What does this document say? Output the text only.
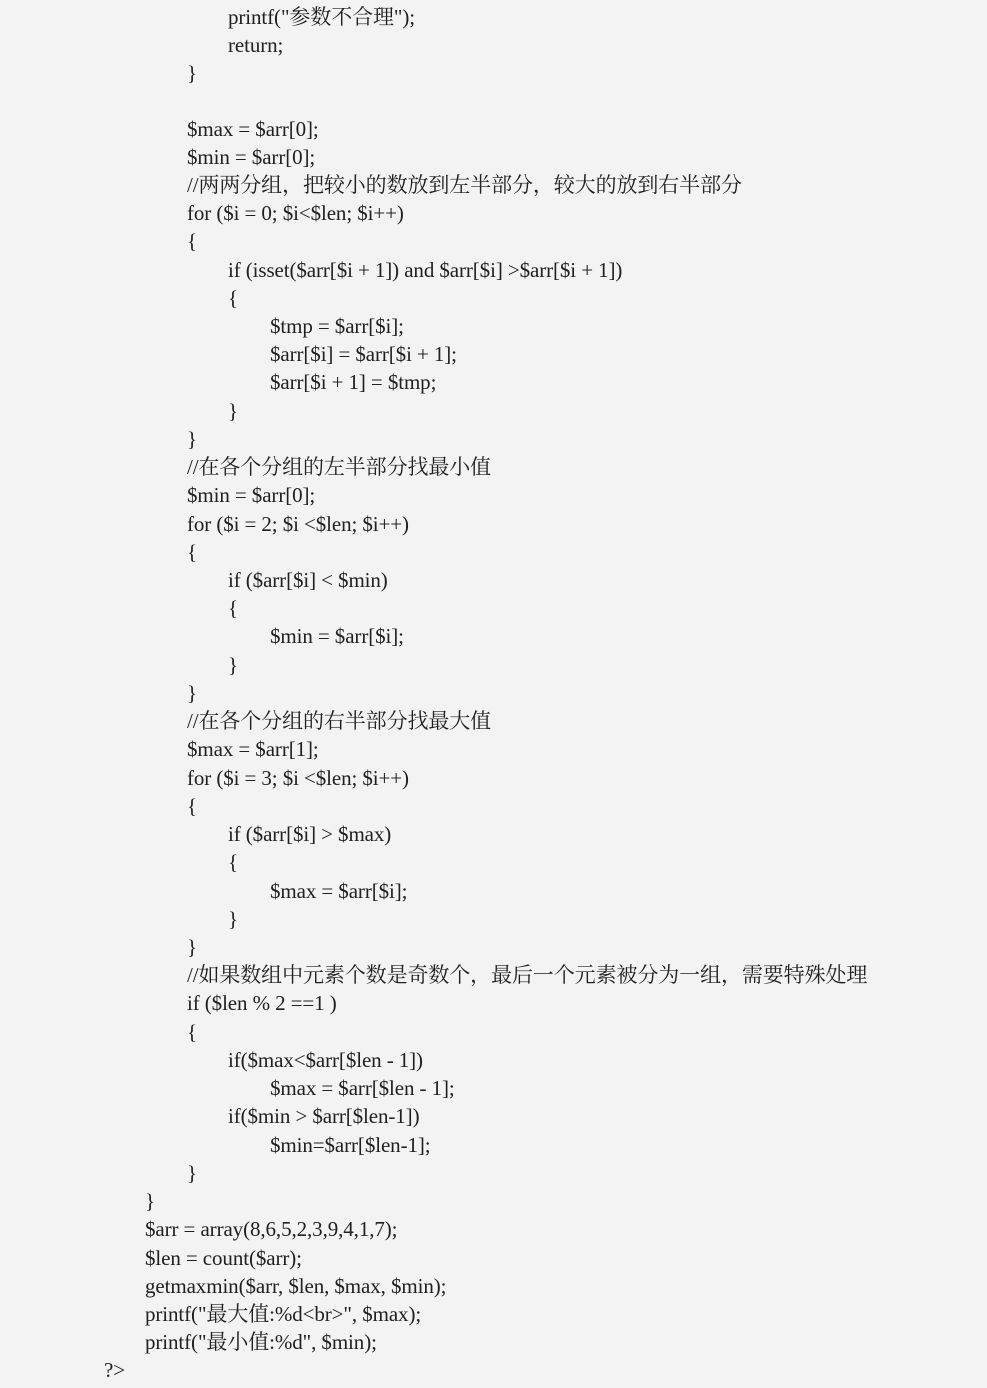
printf("参数不合理");
return;
}
$max = $arr[0];
$min = $arr[0];
//两两分组，把较小的数放到左半部分，较大的放到右半部分
for ($i = 0; $i<$len; $i++)
{
if (isset($arr[$i + 1]) and $arr[$i] >$arr[$i + 1])
{
$tmp = $arr[$i];
$arr[$i] = $arr[$i + 1];
$arr[$i + 1] = $tmp;
}
}
//在各个分组的左半部分找最小值
$min = $arr[0];
for ($i = 2; $i <$len; $i++)
{
if ($arr[$i] < $min)
{
$min = $arr[$i];
}
}
//在各个分组的右半部分找最大值
$max = $arr[1];
for ($i = 3; $i <$len; $i++)
{
if ($arr[$i] > $max)
{
$max = $arr[$i];
}
}
//如果数组中元素个数是奇数个，最后一个元素被分为一组，需要特殊处理
if ($len % 2 ==1 )
{
if($max<$arr[$len - 1])
$max = $arr[$len - 1];
if($min > $arr[$len-1])
$min=$arr[$len-1];
}
}
$arr = array(8,6,5,2,3,9,4,1,7);
$len = count($arr);
getmaxmin($arr, $len, $max, $min);
printf("最大值:%d<br>", $max);
printf("最小值:%d", $min);
?>
